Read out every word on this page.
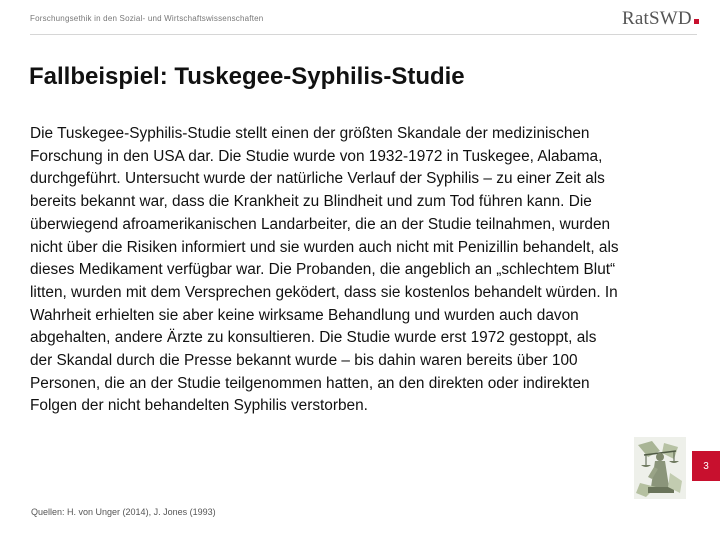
Forschungsethik in den Sozial- und Wirtschaftswissenschaften	RatSWD
Fallbeispiel: Tuskegee-Syphilis-Studie

Die Tuskegee-Syphilis-Studie stellt einen der größten Skandale der medizinischen Forschung in den USA dar. Die Studie wurde von 1932-1972 in Tuskegee, Alabama, durchgeführt. Untersucht wurde der natürliche Verlauf der Syphilis – zu einer Zeit als bereits bekannt war, dass die Krankheit zu Blindheit und zum Tod führen kann. Die überwiegend afroamerikanischen Landarbeiter, die an der Studie teilnahmen, wurden nicht über die Risiken informiert und sie wurden auch nicht mit Penizillin behandelt, als dieses Medikament verfügbar war. Die Probanden, die angeblich an „schlechtem Blut“ litten, wurden mit dem Versprechen geködert, dass sie kostenlos behandelt würden. In Wahrheit erhielten sie aber keine wirksame Behandlung und wurden auch davon abgehalten, andere Ärzte zu konsultieren. Die Studie wurde erst 1972 gestoppt, als der Skandal durch die Presse bekannt wurde – bis dahin waren bereits über 100 Personen, die an der Studie teilgenommen hatten, an den direkten oder indirekten Folgen der nicht behandelten Syphilis verstorben.

Quellen: H. von Unger (2014), J. Jones (1993)
3
